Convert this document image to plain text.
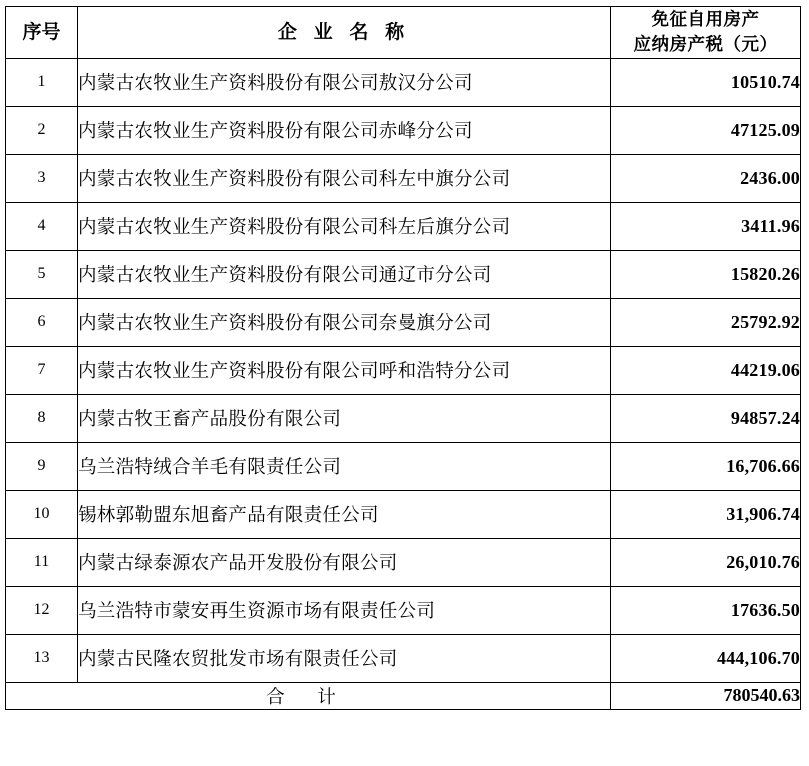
序号	企 业 名 称	免征自用房产
应纳房产税（元）

1	内蒙古农牧业生产资料股份有限公司敖汉分公司	10510.74
2	内蒙古农牧业生产资料股份有限公司赤峰分公司	47125.09
3	内蒙古农牧业生产资料股份有限公司科左中旗分公司	2436.00
4	内蒙古农牧业生产资料股份有限公司科左后旗分公司	3411.96
5	内蒙古农牧业生产资料股份有限公司通辽市分公司	15820.26
6	内蒙古农牧业生产资料股份有限公司奈曼旗分公司	25792.92
7	内蒙古农牧业生产资料股份有限公司呼和浩特分公司	44219.06
8	内蒙古牧王畜产品股份有限公司	94857.24
9	乌兰浩特绒合羊毛有限责任公司	16,706.66
10	锡林郭勒盟东旭畜产品有限责任公司	31,906.74
11	内蒙古绿泰源农产品开发股份有限公司	26,010.76
12	乌兰浩特市蒙安再生资源市场有限责任公司	17636.50
13	内蒙古民隆农贸批发市场有限责任公司	444,106.70
合 计		780540.63
